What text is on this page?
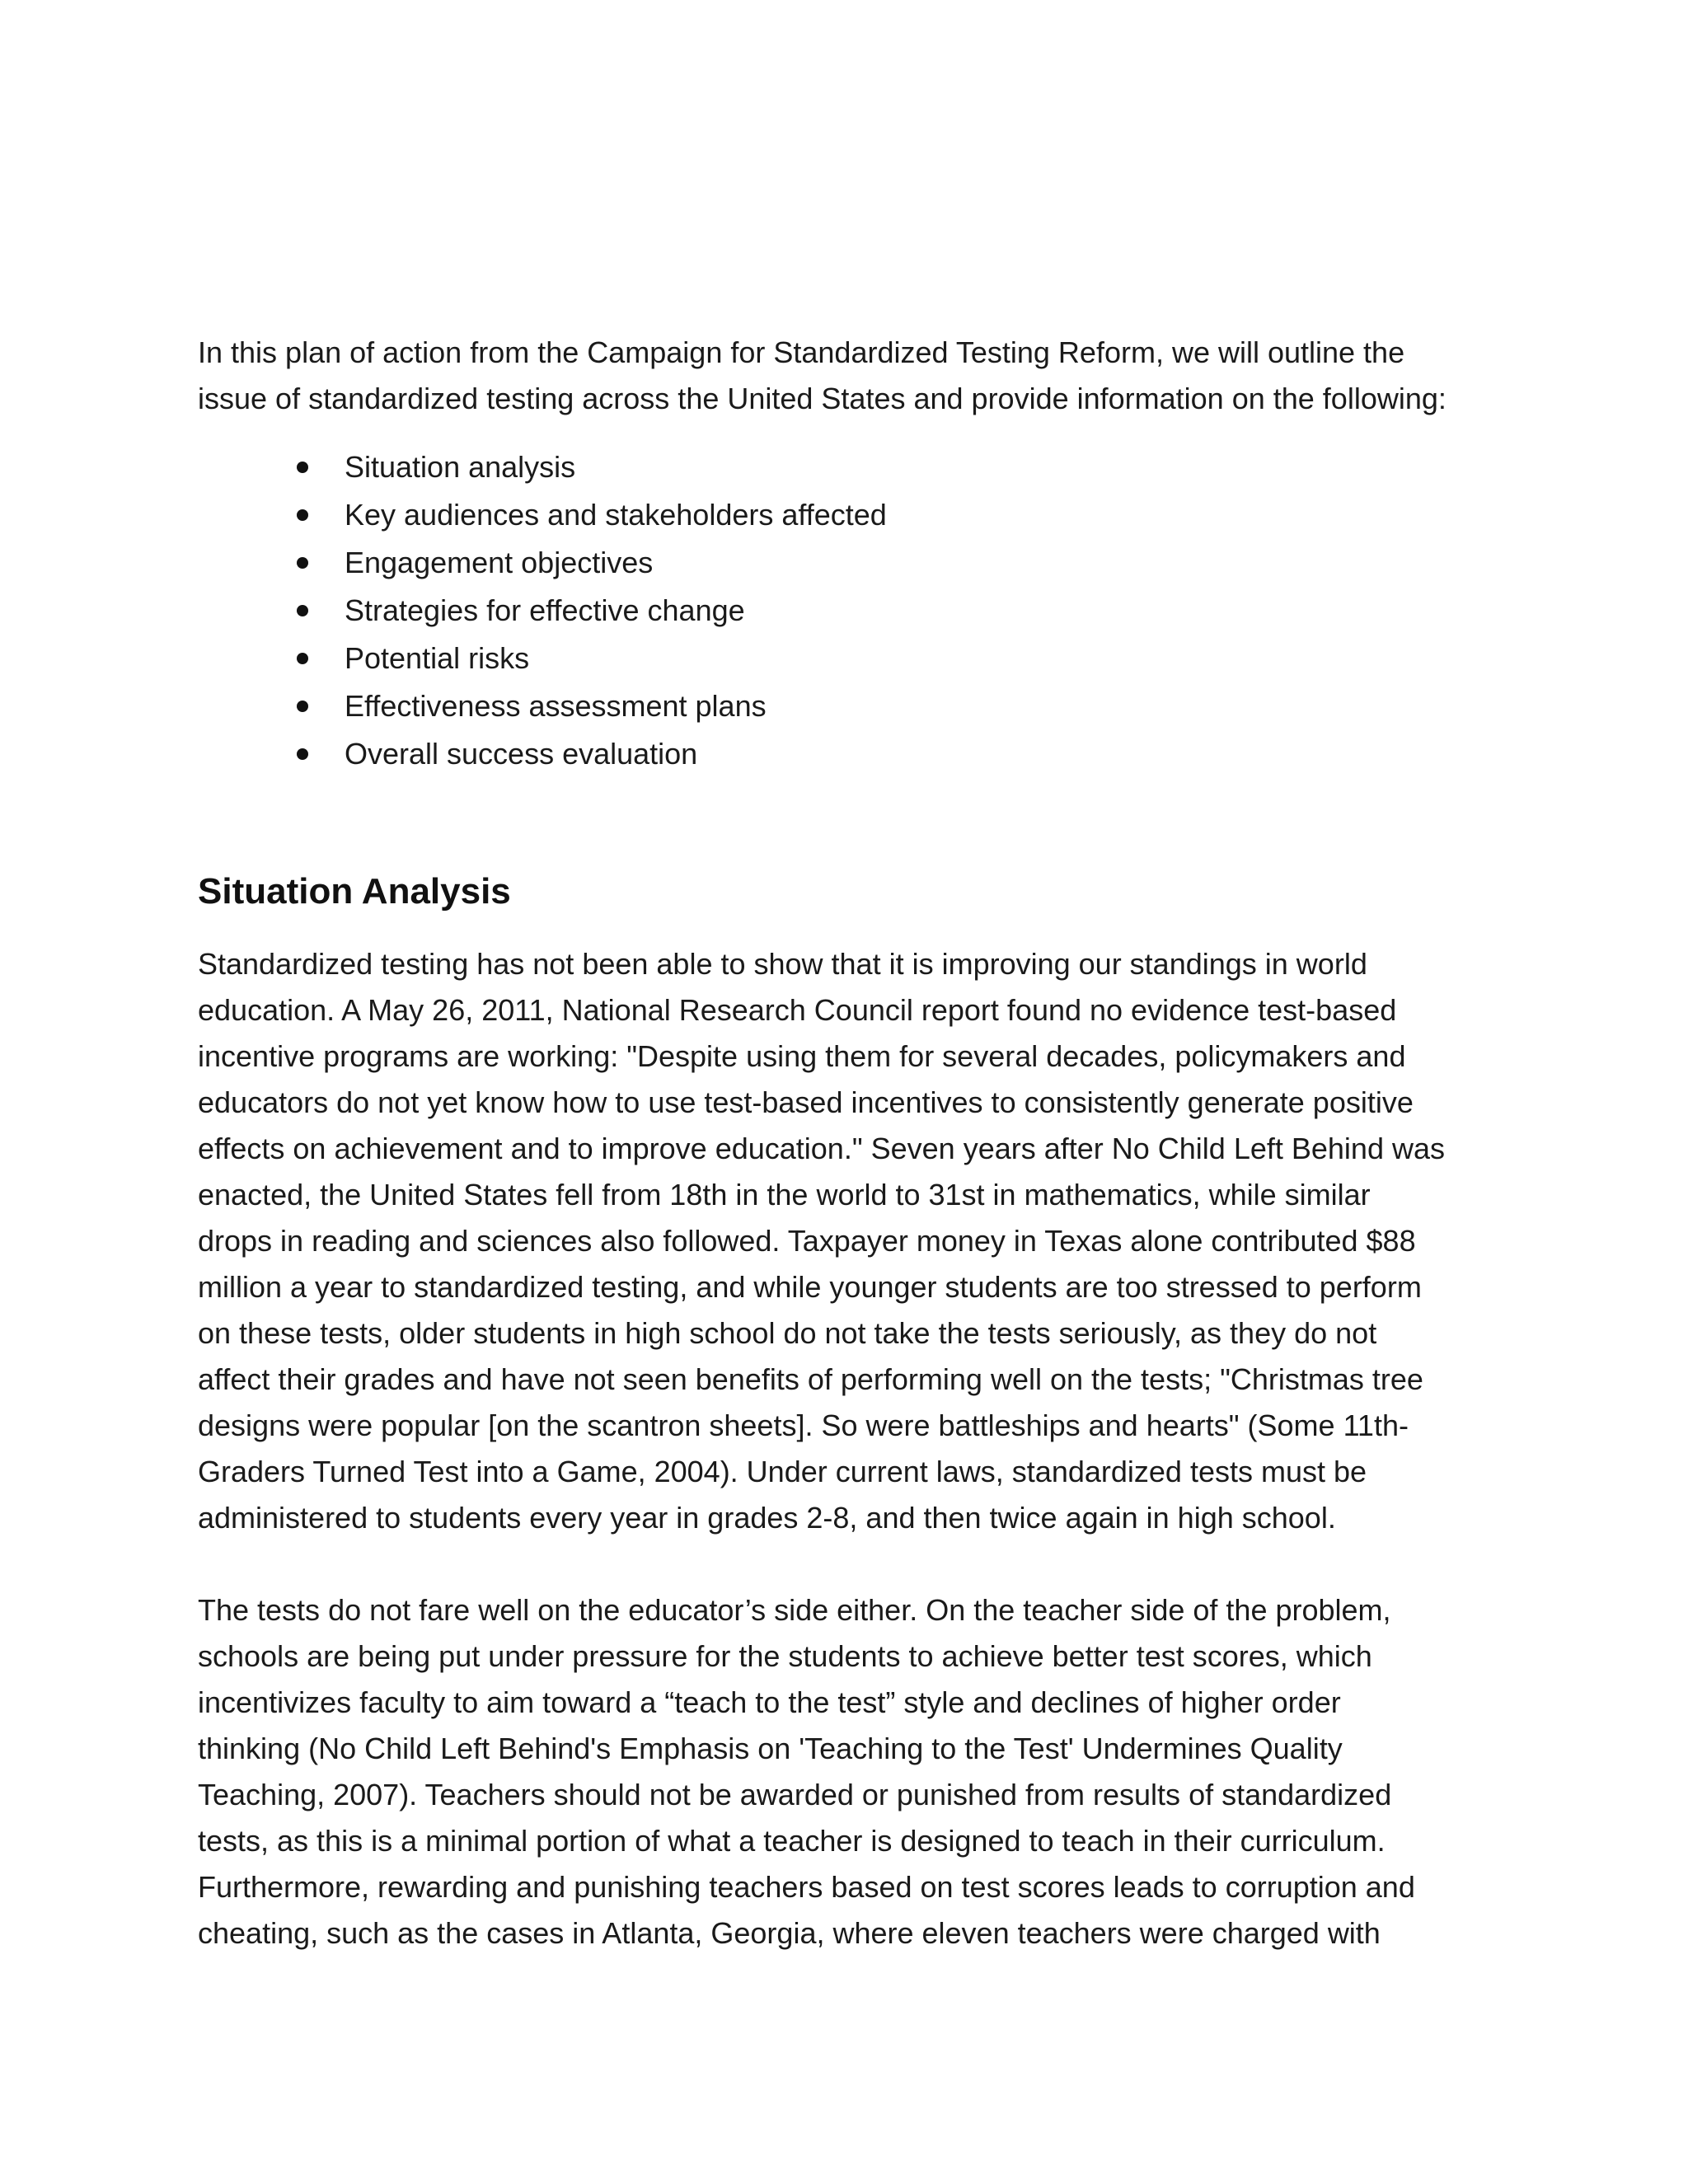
In this plan of action from the Campaign for Standardized Testing Reform, we will outline the

issue of standardized testing across the United States and provide information on the following:

Situation analysis
Key audiences and stakeholders affected
Engagement objectives
Strategies for effective change
Potential risks
Effectiveness assessment plans
Overall success evaluation
Situation Analysis

Standardized testing has not been able to show that it is improving our standings in world

education. A May 26, 2011, National Research Council report found no evidence test-based

incentive programs are working: "Despite using them for several decades, policymakers and

educators do not yet know how to use test-based incentives to consistently generate positive

effects on achievement and to improve education." Seven years after No Child Left Behind was

enacted, the United States fell from 18th in the world to 31st in mathematics, while similar

drops in reading and sciences also followed. Taxpayer money in Texas alone contributed $88

million a year to standardized testing, and while younger students are too stressed to perform

on these tests, older students in high school do not take the tests seriously, as they do not

affect their grades and have not seen benefits of performing well on the tests; "Christmas tree

designs were popular [on the scantron sheets]. So were battleships and hearts" (Some 11th-

Graders Turned Test into a Game, 2004). Under current laws, standardized tests must be

administered to students every year in grades 2-8, and then twice again in high school.

The tests do not fare well on the educator’s side either. On the teacher side of the problem,

schools are being put under pressure for the students to achieve better test scores, which

incentivizes faculty to aim toward a “teach to the test” style and declines of higher order

thinking (No Child Left Behind's Emphasis on 'Teaching to the Test' Undermines Quality

Teaching, 2007). Teachers should not be awarded or punished from results of standardized

tests, as this is a minimal portion of what a teacher is designed to teach in their curriculum.

Furthermore, rewarding and punishing teachers based on test scores leads to corruption and

cheating, such as the cases in Atlanta, Georgia, where eleven teachers were charged with
